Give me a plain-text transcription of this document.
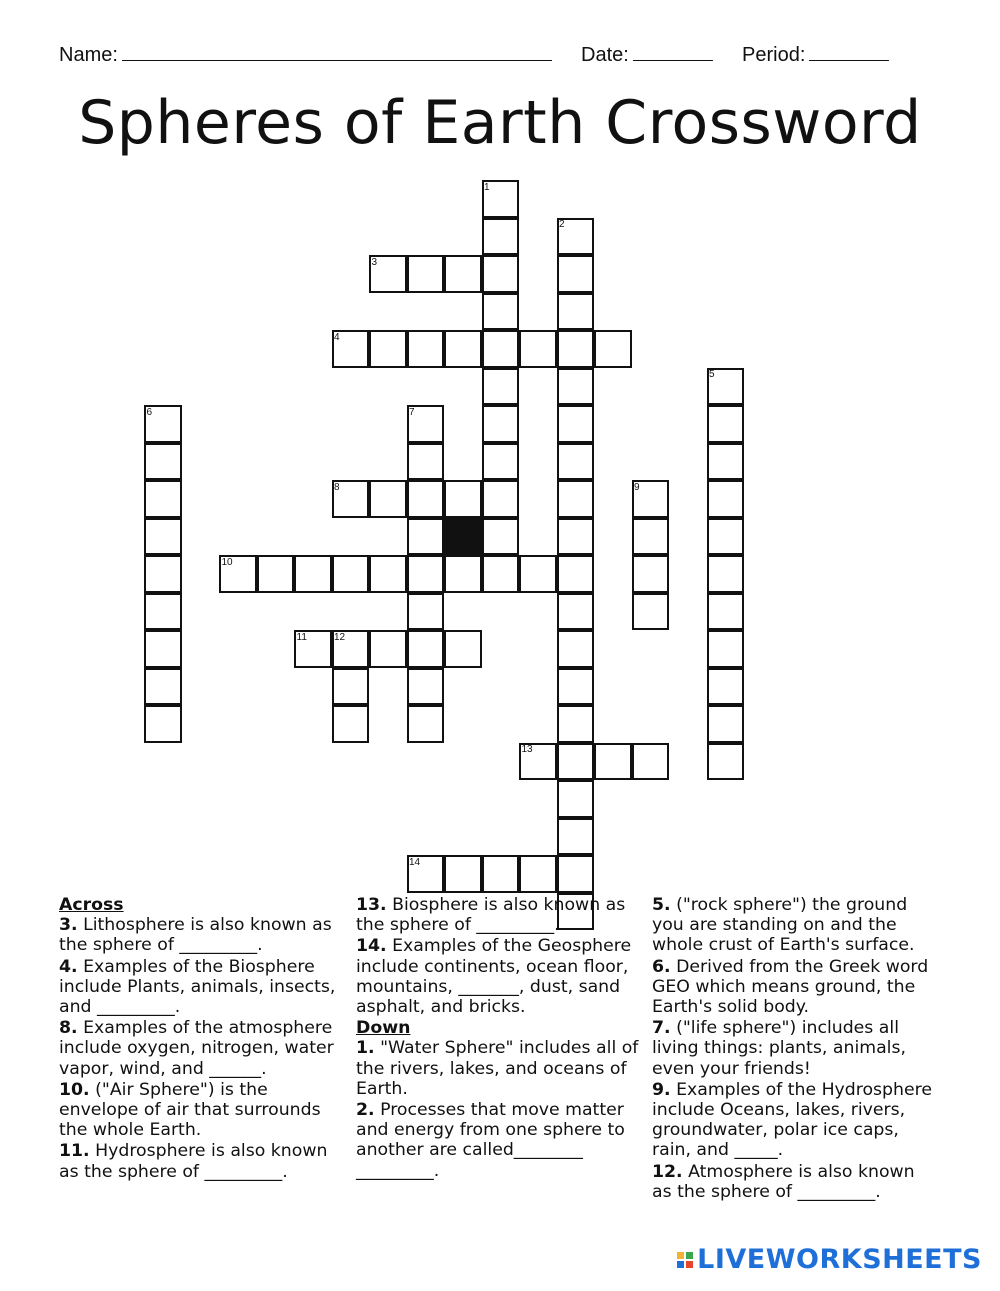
Name:	Date:	Period:
Spheres of Earth Crossword
1
2
3
4
5
6	7
8	9
10
11	12
13
14

Across

3. Lithosphere is also known as the sphere of _________.

4. Examples of the Biosphere include Plants, animals, insects, and _________.

8. Examples of the atmosphere include oxygen, nitrogen, water vapor, wind, and ______.

10. ("Air Sphere") is the envelope of air that surrounds the whole Earth.

11. Hydrosphere is also known as the sphere of _________.

13. Biosphere is also known as the sphere of _________.

14. Examples of the Geosphere include continents, ocean floor, mountains, _______, dust, sand asphalt, and bricks.

Down

1. "Water Sphere" includes all of the rivers, lakes, and oceans of Earth.

2. Processes that move matter and energy from one sphere to another are called________ _________.

5. ("rock sphere") the ground you are standing on and the whole crust of Earth's surface.

6. Derived from the Greek word GEO which means ground, the Earth's solid body.

7. ("life sphere") includes all living things: plants, animals, even your friends!

9. Examples of the Hydrosphere include Oceans, lakes, rivers, groundwater, polar ice caps, rain, and _____.

12. Atmosphere is also known as the sphere of _________.

LIVEWORKSHEETS
